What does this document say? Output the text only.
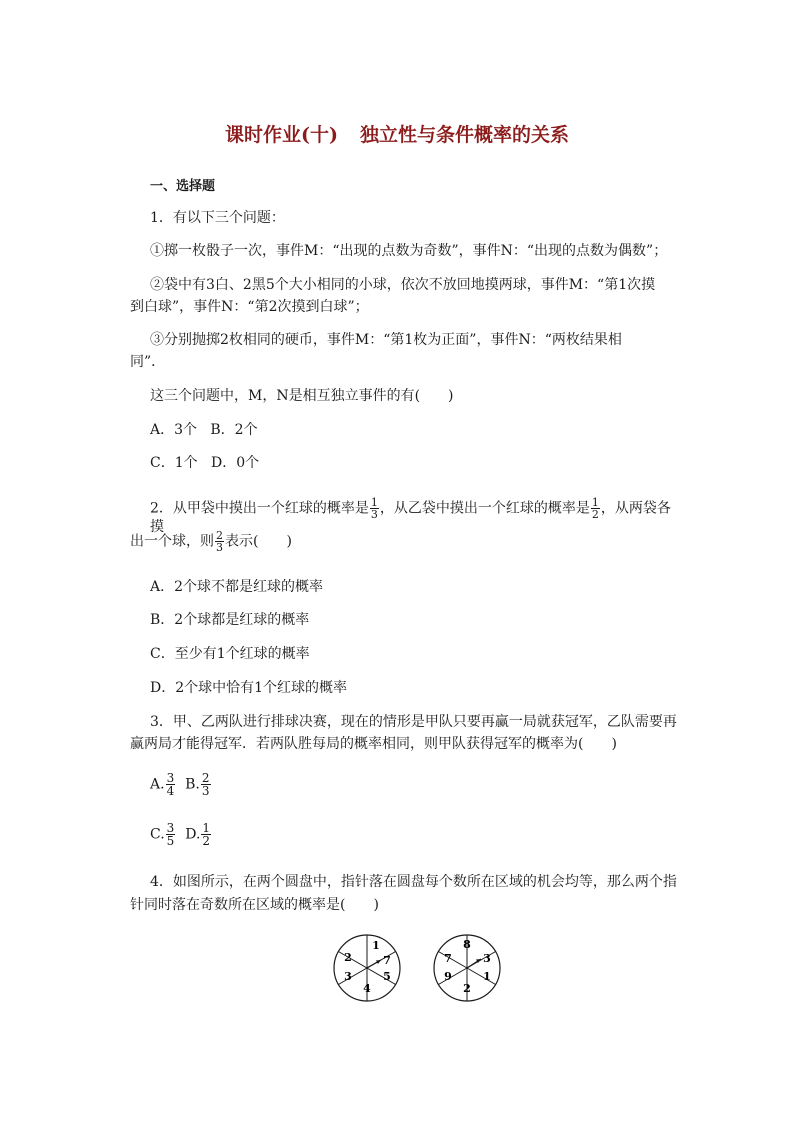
课时作业(十) 独立性与条件概率的关系
一、选择题
1．有以下三个问题：
①掷一枚骰子一次，事件M：“出现的点数为奇数”，事件N：“出现的点数为偶数”；
②袋中有3白、2黑5个大小相同的小球，依次不放回地摸两球，事件M：“第1次摸
到白球”，事件N：“第2次摸到白球”；
③分别抛掷2枚相同的硬币，事件M：“第1枚为正面”，事件N：“两枚结果相
同”．
这三个问题中，M，N是相互独立事件的有(　　)
A．3个 B．2个
C．1个 D．0个
2．从甲袋中摸出一个红球的概率是 $\frac{1}{3}$ ，从乙袋中摸出一个红球的概率是 $\frac{1}{2}$ ，从两袋各摸
出一个球，则 $\frac{2}{3}$ 表示(　　)
A．2个球不都是红球的概率
B．2个球都是红球的概率
C．至少有1个红球的概率
D．2个球中恰有1个红球的概率
3．甲、乙两队进行排球决赛，现在的情形是甲队只要再赢一局就获冠军，乙队需要再
赢两局才能得冠军．若两队胜每局的概率相同，则甲队获得冠军的概率为(　　)
A. $\frac{3}{4} B$. $\frac{2}{3}$
C. $\frac{3}{5} D$. $\frac{1}{2}$
4．如图所示，在两个圆盘中，指针落在圆盘每个数所在区域的机会均等，那么两个指
针同时落在奇数所在区域的概率是(　　)
1
7
5
4
3
2
8
3
1
2
9
7
